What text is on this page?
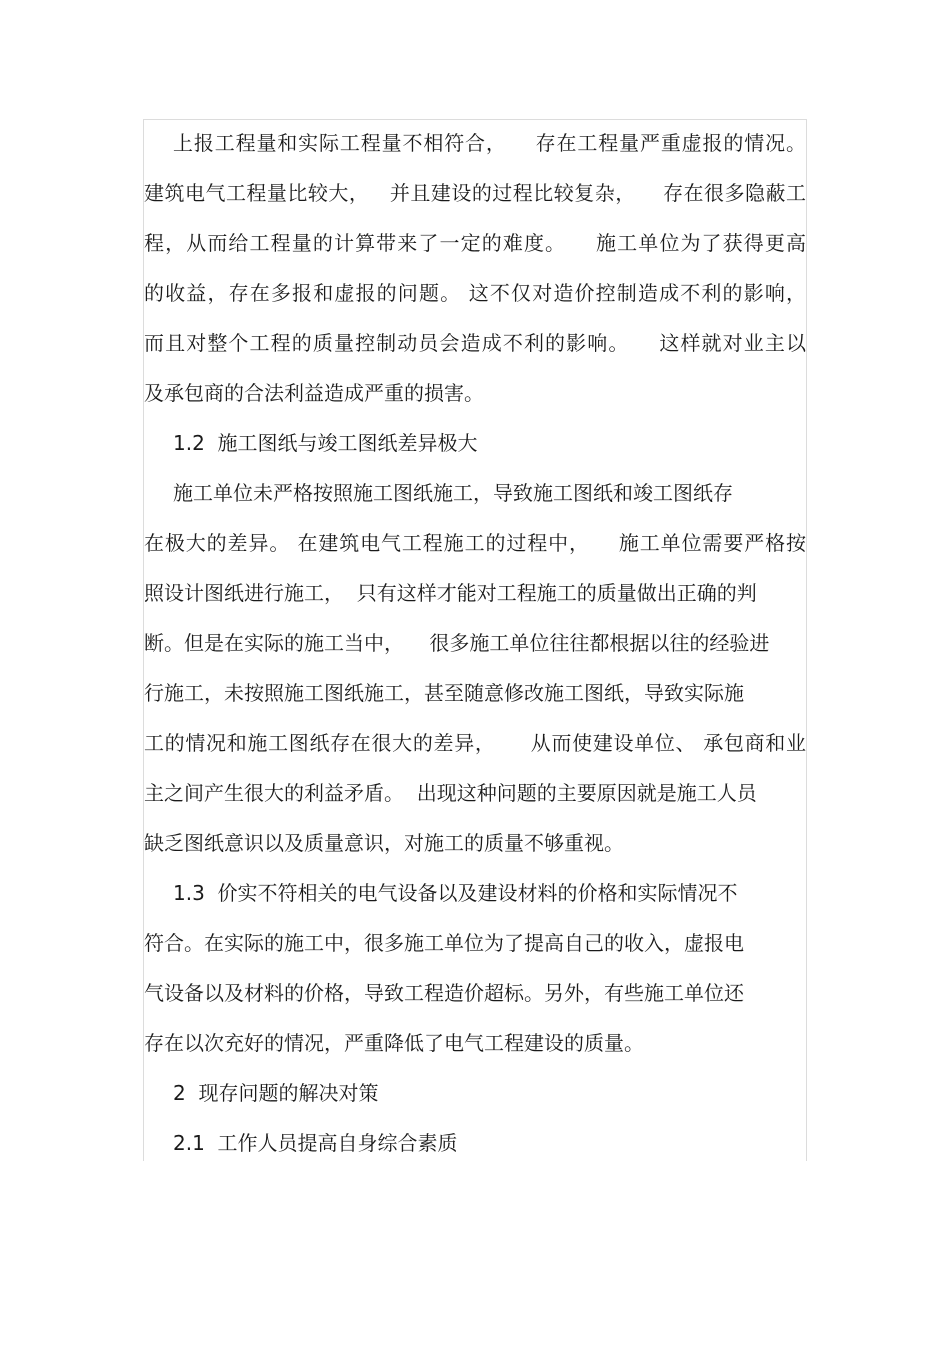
上报工程量和实际工程量不相符合，    存在工程量严重虚报的情况。
建筑电气工程量比较大，   并且建设的过程比较复杂，    存在很多隐蔽工
程，从而给工程量的计算带来了一定的难度。    施工单位为了获得更高
的收益，存在多报和虚报的问题。 这不仅对造价控制造成不利的影响，
而且对整个工程的质量控制动员会造成不利的影响。    这样就对业主以
及承包商的合法利益造成严重的损害。
1.2  施工图纸与竣工图纸差异极大
施工单位未严格按照施工图纸施工，导致施工图纸和竣工图纸存
在极大的差异。 在建筑电气工程施工的过程中，    施工单位需要严格按
照设计图纸进行施工，  只有这样才能对工程施工的质量做出正确的判
断。但是在实际的施工当中，    很多施工单位往往都根据以往的经验进
行施工，未按照施工图纸施工，甚至随意修改施工图纸，导致实际施
工的情况和施工图纸存在很大的差异，     从而使建设单位、 承包商和业
主之间产生很大的利益矛盾。  出现这种问题的主要原因就是施工人员
缺乏图纸意识以及质量意识，对施工的质量不够重视。
1.3  价实不符相关的电气设备以及建设材料的价格和实际情况不
符合。在实际的施工中，很多施工单位为了提高自己的收入，虚报电
气设备以及材料的价格，导致工程造价超标。另外，有些施工单位还
存在以次充好的情况，严重降低了电气工程建设的质量。
2  现存问题的解决对策
2.1  工作人员提高自身综合素质
